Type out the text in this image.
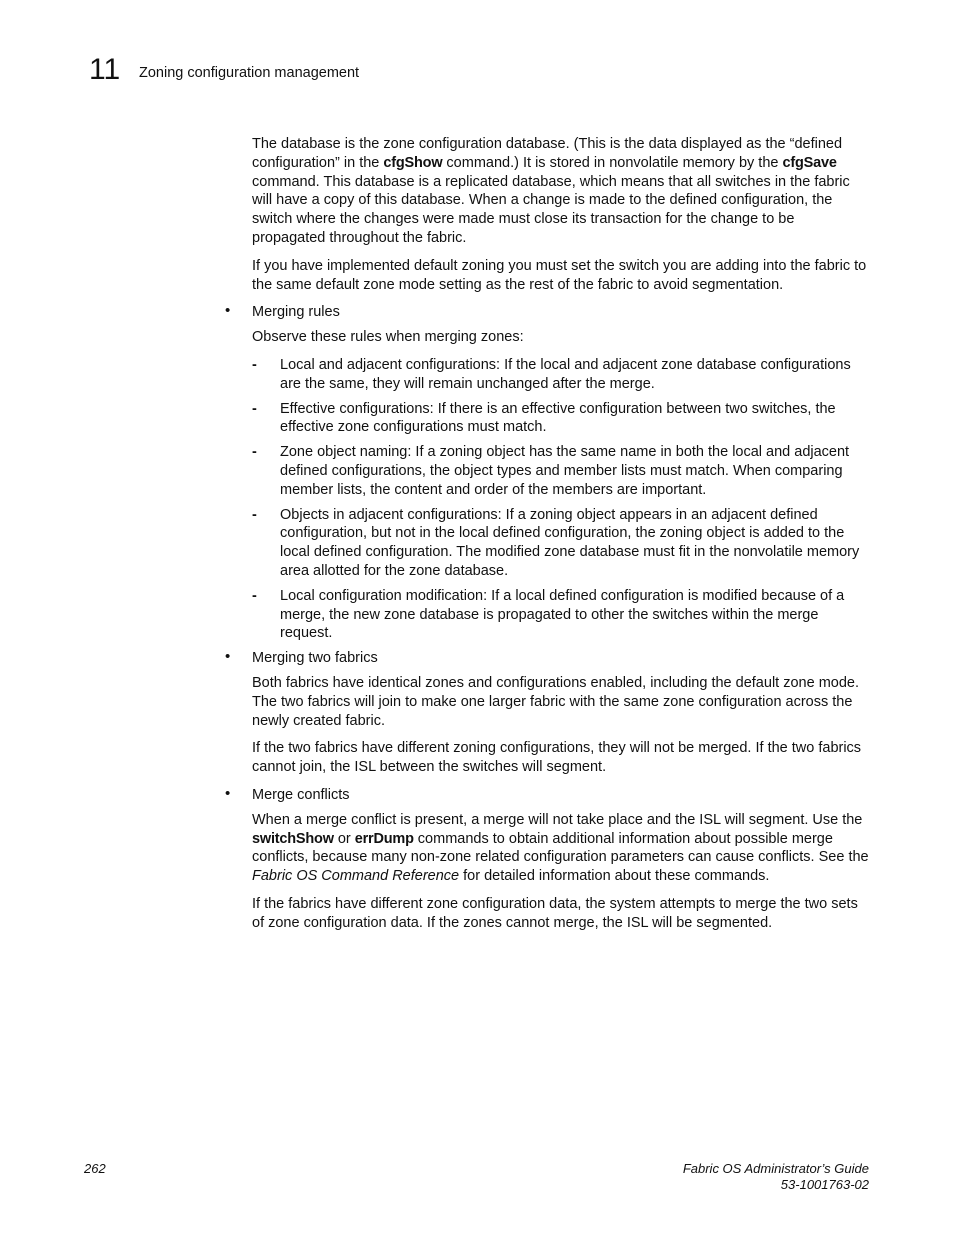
11 Zoning configuration management

The database is the zone configuration database. (This is the data displayed as the “defined configuration” in the cfgShow command.) It is stored in nonvolatile memory by the cfgSave command. This database is a replicated database, which means that all switches in the fabric will have a copy of this database. When a change is made to the defined configuration, the switch where the changes were made must close its transaction for the change to be propagated throughout the fabric.

If you have implemented default zoning you must set the switch you are adding into the fabric to the same default zone mode setting as the rest of the fabric to avoid segmentation.

• Merging rules

Observe these rules when merging zones:

- Local and adjacent configurations: If the local and adjacent zone database configurations are the same, they will remain unchanged after the merge.
- Effective configurations: If there is an effective configuration between two switches, the effective zone configurations must match.
- Zone object naming: If a zoning object has the same name in both the local and adjacent defined configurations, the object types and member lists must match. When comparing member lists, the content and order of the members are important.
- Objects in adjacent configurations: If a zoning object appears in an adjacent defined configuration, but not in the local defined configuration, the zoning object is added to the local defined configuration. The modified zone database must fit in the nonvolatile memory area allotted for the zone database.
- Local configuration modification: If a local defined configuration is modified because of a merge, the new zone database is propagated to other the switches within the merge request.
• Merging two fabrics

Both fabrics have identical zones and configurations enabled, including the default zone mode. The two fabrics will join to make one larger fabric with the same zone configuration across the newly created fabric.

If the two fabrics have different zoning configurations, they will not be merged. If the two fabrics cannot join, the ISL between the switches will segment.

• Merge conflicts

When a merge conflict is present, a merge will not take place and the ISL will segment. Use the switchShow or errDump commands to obtain additional information about possible merge conflicts, because many non-zone related configuration parameters can cause conflicts. See the Fabric OS Command Reference for detailed information about these commands.

If the fabrics have different zone configuration data, the system attempts to merge the two sets of zone configuration data. If the zones cannot merge, the ISL will be segmented.

262	Fabric OS Administrator’s Guide
53-1001763-02
